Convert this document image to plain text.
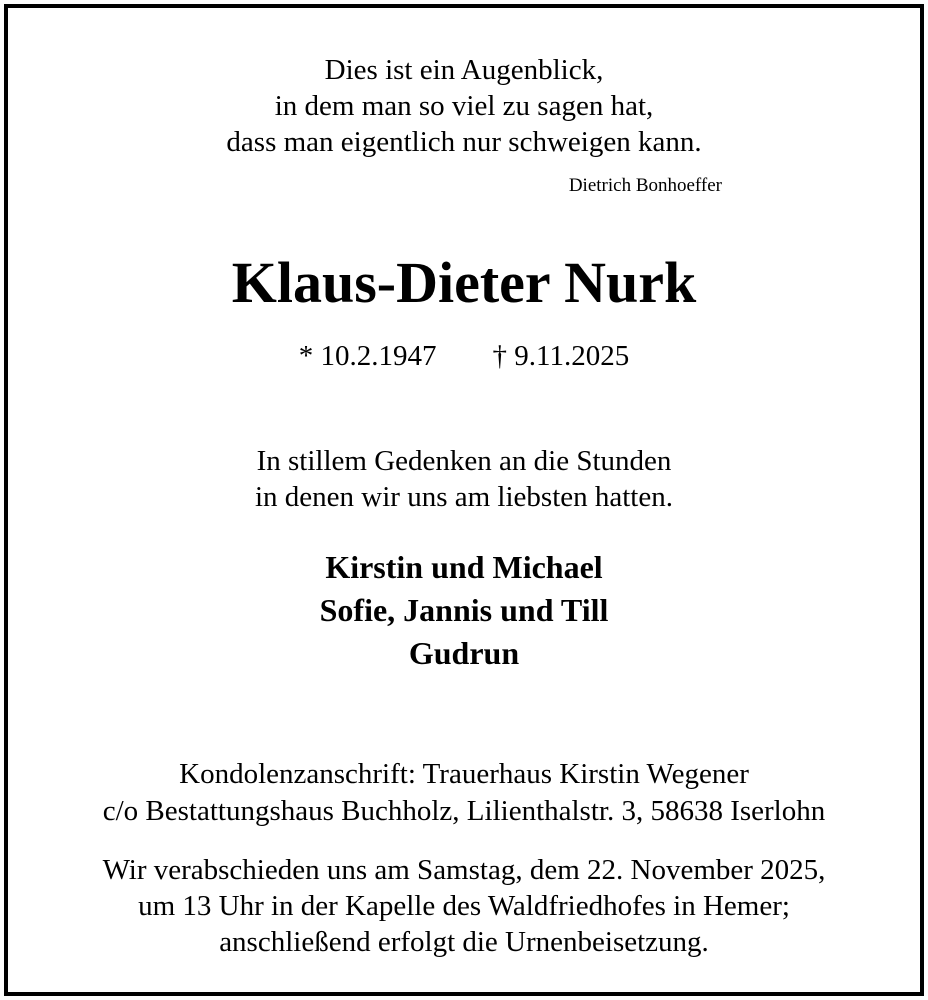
Dies ist ein Augenblick,
in dem man so viel zu sagen hat,
dass man eigentlich nur schweigen kann.
Dietrich Bonhoeffer
Klaus-Dieter Nurk
* 10.2.1947 † 9.11.2025
In stillem Gedenken an die Stunden
in denen wir uns am liebsten hatten.
Kirstin und Michael
Sofie, Jannis und Till
Gudrun
Kondolenzanschrift: Trauerhaus Kirstin Wegener
c/o Bestattungshaus Buchholz, Lilienthalstr. 3, 58638 Iserlohn
Wir verabschieden uns am Samstag, dem 22. November 2025,
um 13 Uhr in der Kapelle des Waldfriedhofes in Hemer;
anschließend erfolgt die Urnenbeisetzung.
